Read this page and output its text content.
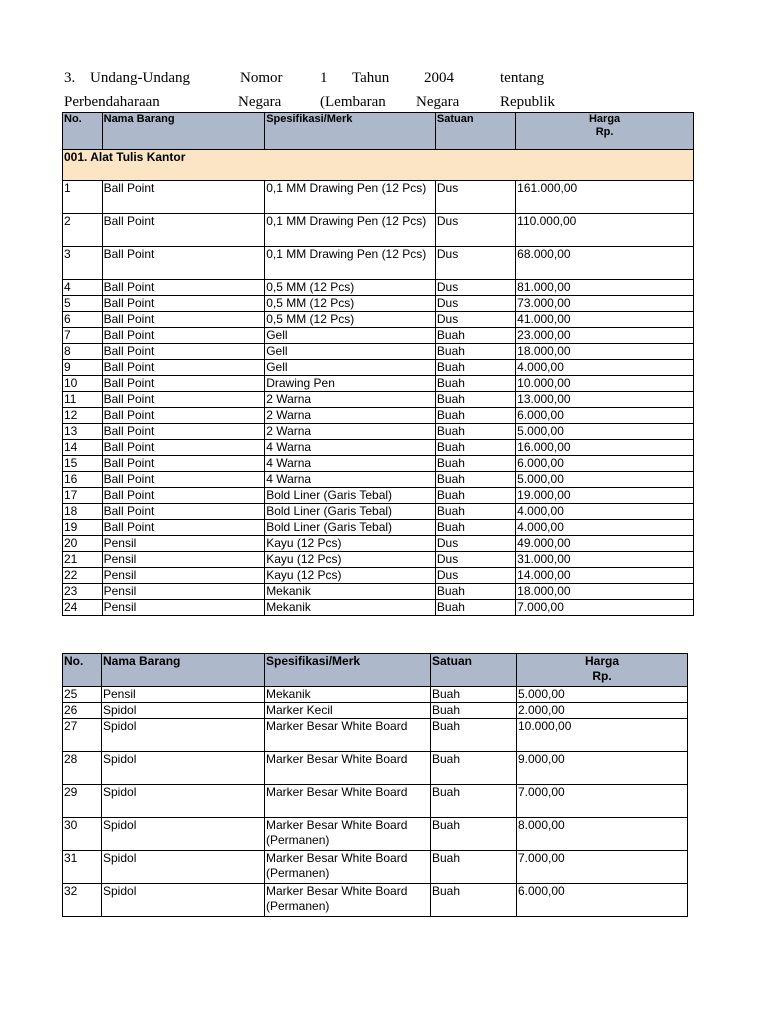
3. Undang-Undang	Nomor	1 Tahun 2004	tentang
Perbendaharaan	Negara	(Lembaran Negara	Republik
No.	Nama Barang	Spesifikasi/Merk	Satuan	Harga
Rp.

001. Alat Tulis Kantor				
1	Ball Point	0,1 MM Drawing Pen (12 Pcs)	Dus	161.000,00
2	Ball Point	0,1 MM Drawing Pen (12 Pcs)	Dus	110.000,00
3	Ball Point	0,1 MM Drawing Pen (12 Pcs)	Dus	68.000,00
4	Ball Point	0,5 MM (12 Pcs)	Dus	81.000,00
5	Ball Point	0,5 MM (12 Pcs)	Dus	73.000,00
6	Ball Point	0,5 MM (12 Pcs)	Dus	41.000,00
7	Ball Point	Gell	Buah	23.000,00
8	Ball Point	Gell	Buah	18.000,00
9	Ball Point	Gell	Buah	4.000,00
10	Ball Point	Drawing Pen	Buah	10.000,00
11	Ball Point	2 Warna	Buah	13.000,00
12	Ball Point	2 Warna	Buah	6.000,00
13	Ball Point	2 Warna	Buah	5.000,00
14	Ball Point	4 Warna	Buah	16.000,00
15	Ball Point	4 Warna	Buah	6.000,00
16	Ball Point	4 Warna	Buah	5.000,00
17	Ball Point	Bold Liner (Garis Tebal)	Buah	19.000,00
18	Ball Point	Bold Liner (Garis Tebal)	Buah	4.000,00
19	Ball Point	Bold Liner (Garis Tebal)	Buah	4.000,00
20	Pensil	Kayu (12 Pcs)	Dus	49.000,00
21	Pensil	Kayu (12 Pcs)	Dus	31.000,00
22	Pensil	Kayu (12 Pcs)	Dus	14.000,00
23	Pensil	Mekanik	Buah	18.000,00
24	Pensil	Mekanik	Buah	7.000,00
No.	Nama Barang	Spesifikasi/Merk	Satuan	Harga
Rp.

25	Pensil	Mekanik	Buah	5.000,00
26	Spidol	Marker Kecil	Buah	2.000,00
27	Spidol	Marker Besar White Board	Buah	10.000,00
28	Spidol	Marker Besar White Board	Buah	9.000,00
29	Spidol	Marker Besar White Board	Buah	7.000,00
30	Spidol	Marker Besar White Board (Permanen)	Buah	8.000,00
31	Spidol	Marker Besar White Board (Permanen)	Buah	7.000,00
32	Spidol	Marker Besar White Board (Permanen)	Buah	6.000,00
